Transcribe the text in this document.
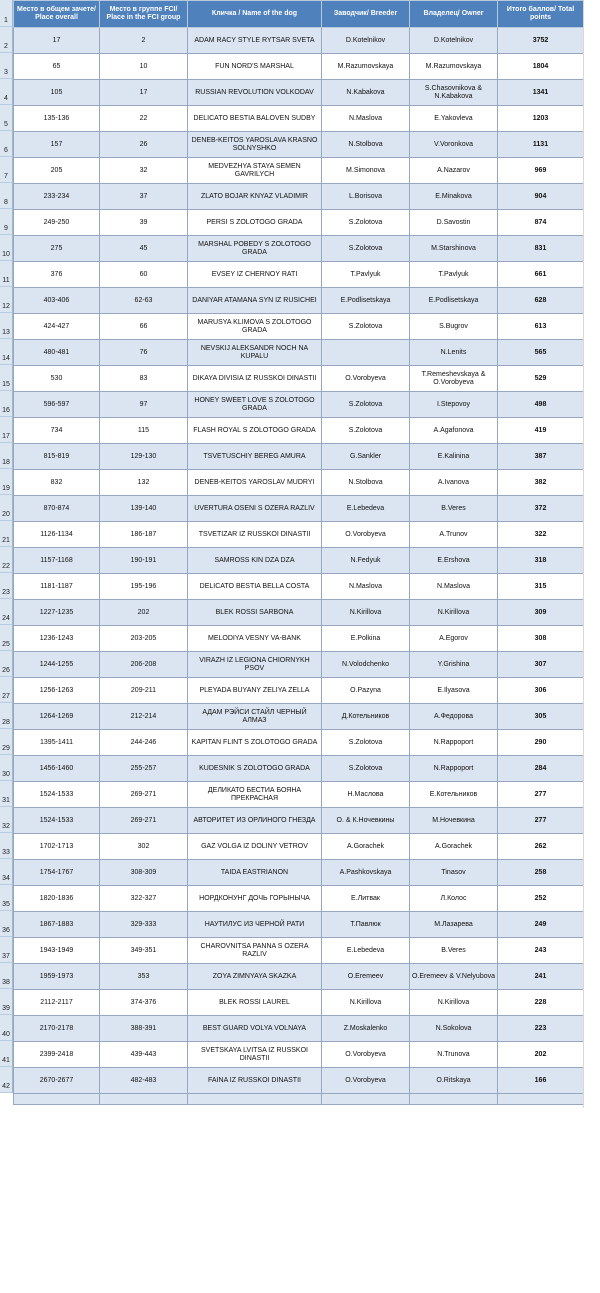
1
2
3
4
5
6
7
8
9
10
11
12
13
14
15
16
17
18
19
20
21
22
23
24
25
26
27
28
29
30
31
32
33
34
35
36
37
38
39
40
41
42
Место в общем зачете/ Place overall	Место в группе FCI/ Place in the FCI group	Кличка / Name of the dog	Заводчик/ Breeder	Владелец/ Owner	Итого баллов/ Total points
17	2	ADAM RACY STYLE RYTSAR SVETA	D.Kotelnikov	D.Kotelnikov	3752
65	10	FUN NORD'S MARSHAL	M.Razumovskaya	M.Razumovskaya	1804
105	17	RUSSIAN REVOLUTION VOLKODAV	N.Kabakova	S.Chasovnikova & N.Kabakova	1341
135-136	22	DELICATO BESTIA BALOVEN SUDBY	N.Maslova	E.Yakovleva	1203
157	26	DENEB-KEITOS YAROSLAVA KRASNO SOLNYSHKO	N.Stolbova	V.Voronkova	1131
205	32	MEDVEZHYA STAYA SEMEN GAVRILYCH	M.Simonova	A.Nazarov	969
233-234	37	ZLATO BOJAR KNYAZ VLADIMIR	L.Borisova	E.Minakova	904
249-250	39	PERSI S ZOLOTOGO GRADA	S.Zolotova	D.Savostin	874
275	45	MARSHAL POBEDY S ZOLOTOGO GRADA	S.Zolotova	M.Starshinova	831
376	60	EVSEY IZ CHERNOY RATI	T.Pavlyuk	T.Pavlyuk	661
403-406	62-63	DANIYAR ATAMANA SYN IZ RUSICHEI	E.Podlisetskaya	E.Podlisetskaya	628
424-427	66	MARUSYA KLIMOVA S ZOLOTOGO GRADA	S.Zolotova	S.Bugrov	613
480-481	76	NEVSKIJ ALEKSANDR NOCH NA KUPALU		N.Lenits	565
530	83	DIKAYA DIVISIA IZ RUSSKOI DINASTII	O.Vorobyeva	T.Remeshevskaya & O.Vorobyeva	529
596-597	97	HONEY SWEET LOVE S ZOLOTOGO GRADA	S.Zolotova	I.Stepovoy	498
734	115	FLASH ROYAL S ZOLOTOGO GRADA	S.Zolotova	A.Agafonova	419
815-819	129-130	TSVETUSCHIY BEREG AMURA	G.Sankler	E.Kalinina	387
832	132	DENEB-KEITOS YAROSLAV MUDRYI	N.Stolbova	A.Ivanova	382
870-874	139-140	UVERTURA OSENI S OZERA RAZLIV	E.Lebedeva	B.Veres	372
1126-1134	186-187	TSVETIZAR IZ RUSSKOI DINASTII	O.Vorobyeva	A.Trunov	322
1157-1168	190-191	SAMROSS KIN DZA DZA	N.Fedyuk	E.Ershova	318
1181-1187	195-196	DELICATO BESTIA BELLA COSTA	N.Maslova	N.Maslova	315
1227-1235	202	BLEK ROSSI SARBONA	N.Kirillova	N.Kirillova	309
1236-1243	203-205	MELODIYA VESNY VA-BANK	E.Polkina	A.Egorov	308
1244-1255	206-208	VIRAZH IZ LEGIONA CHIORNYKH PSOV	N.Volodchenko	Y.Grishina	307
1256-1263	209-211	PLEYADA BUYANY ZELIYA ZELLA	O.Pazyna	E.Ilyasova	306
1264-1269	212-214	АДАМ РЭЙСИ СТАЙЛ ЧЕРНЫЙ АЛМАЗ	Д.Котельников	А.Федорова	305
1395-1411	244-246	KAPITAN FLINT S ZOLOTOGO GRADA	S.Zolotova	N.Rappoport	290
1456-1460	255-257	KUDESNIK S ZOLOTOGO GRADA	S.Zolotova	N.Rappoport	284
1524-1533	269-271	ДЕЛИКАТО БЕСТИА БОЯНА ПРЕКРАСНАЯ	Н.Маслова	Е.Котельников	277
1524-1533	269-271	АВТОРИТЕТ ИЗ ОРЛИНОГО ГНЕЗДА	О. & К.Ночевкины	М.Ночевкина	277
1702-1713	302	GAZ VOLGA IZ DOLINY VETROV	A.Gorachek	A.Gorachek	262
1754-1767	308-309	TAIDA EASTRIANON	A.Pashkovskaya	Tinasov	258
1820-1836	322-327	НОРДКОНУНГ ДОЧЬ ГОРЫНЫЧА	Е.Литвак	Л.Колос	252
1867-1883	329-333	НАУТИЛУС ИЗ ЧЕРНОЙ РАТИ	Т.Павлюк	М.Лазарева	249
1943-1949	349-351	CHAROVNITSA PANNA S OZERA RAZLIV	E.Lebedeva	B.Veres	243
1959-1973	353	ZOYA ZIMNYAYA SKAZKA	O.Eremeev	O.Eremeev & V.Nelyubova	241
2112-2117	374-376	BLEK ROSSI LAUREL	N.Kirillova	N.Kirillova	228
2170-2178	388-391	BEST GUARD VOLYA VOLNAYA	Z.Moskalenko	N.Sokolova	223
2399-2418	439-443	SVETSKAYA LVITSA IZ RUSSKOI DINASTII	O.Vorobyeva	N.Trunova	202
2670-2677	482-483	FAINA IZ RUSSKOI DINASTII	O.Vorobyeva	O.Ritskaya	166
